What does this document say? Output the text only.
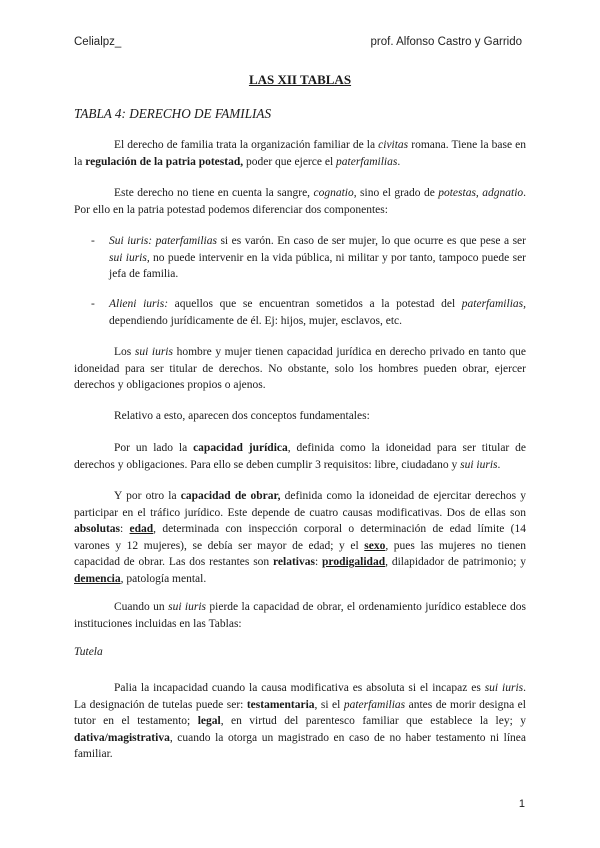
Celialpz_	prof. Alfonso Castro y Garrido
LAS XII TABLAS
TABLA 4: DERECHO DE FAMILIAS

El derecho de familia trata la organización familiar de la civitas romana. Tiene la base en la regulación de la patria potestad, poder que ejerce el paterfamilias.

Este derecho no tiene en cuenta la sangre, cognatio, sino el grado de potestas, adgnatio. Por ello en la patria potestad podemos diferenciar dos componentes:

- Sui iuris: paterfamilias si es varón. En caso de ser mujer, lo que ocurre es que pese a ser sui iuris, no puede intervenir en la vida pública, ni militar y por tanto, tampoco puede ser jefa de familia.
- Alieni iuris: aquellos que se encuentran sometidos a la potestad del paterfamilias, dependiendo jurídicamente de él. Ej: hijos, mujer, esclavos, etc.

Los sui iuris hombre y mujer tienen capacidad jurídica en derecho privado en tanto que idoneidad para ser titular de derechos. No obstante, solo los hombres pueden obrar, ejercer derechos y obligaciones propios o ajenos.

Relativo a esto, aparecen dos conceptos fundamentales:

Por un lado la capacidad jurídica, definida como la idoneidad para ser titular de derechos y obligaciones. Para ello se deben cumplir 3 requisitos: libre, ciudadano y sui iuris.

Y por otro la capacidad de obrar, definida como la idoneidad de ejercitar derechos y participar en el tráfico jurídico. Este depende de cuatro causas modificativas. Dos de ellas son absolutas: edad, determinada con inspección corporal o determinación de edad límite (14 varones y 12 mujeres), se debía ser mayor de edad; y el sexo, pues las mujeres no tienen capacidad de obrar. Las dos restantes son relativas: prodigalidad, dilapidador de patrimonio; y demencia, patología mental.

Cuando un sui iuris pierde la capacidad de obrar, el ordenamiento jurídico establece dos instituciones incluidas en las Tablas:

Tutela

Palia la incapacidad cuando la causa modificativa es absoluta si el incapaz es sui iuris. La designación de tutelas puede ser: testamentaria, si el paterfamilias antes de morir designa el tutor en el testamento; legal, en virtud del parentesco familiar que establece la ley; y dativa/magistrativa, cuando la otorga un magistrado en caso de no haber testamento ni línea familiar.

1
